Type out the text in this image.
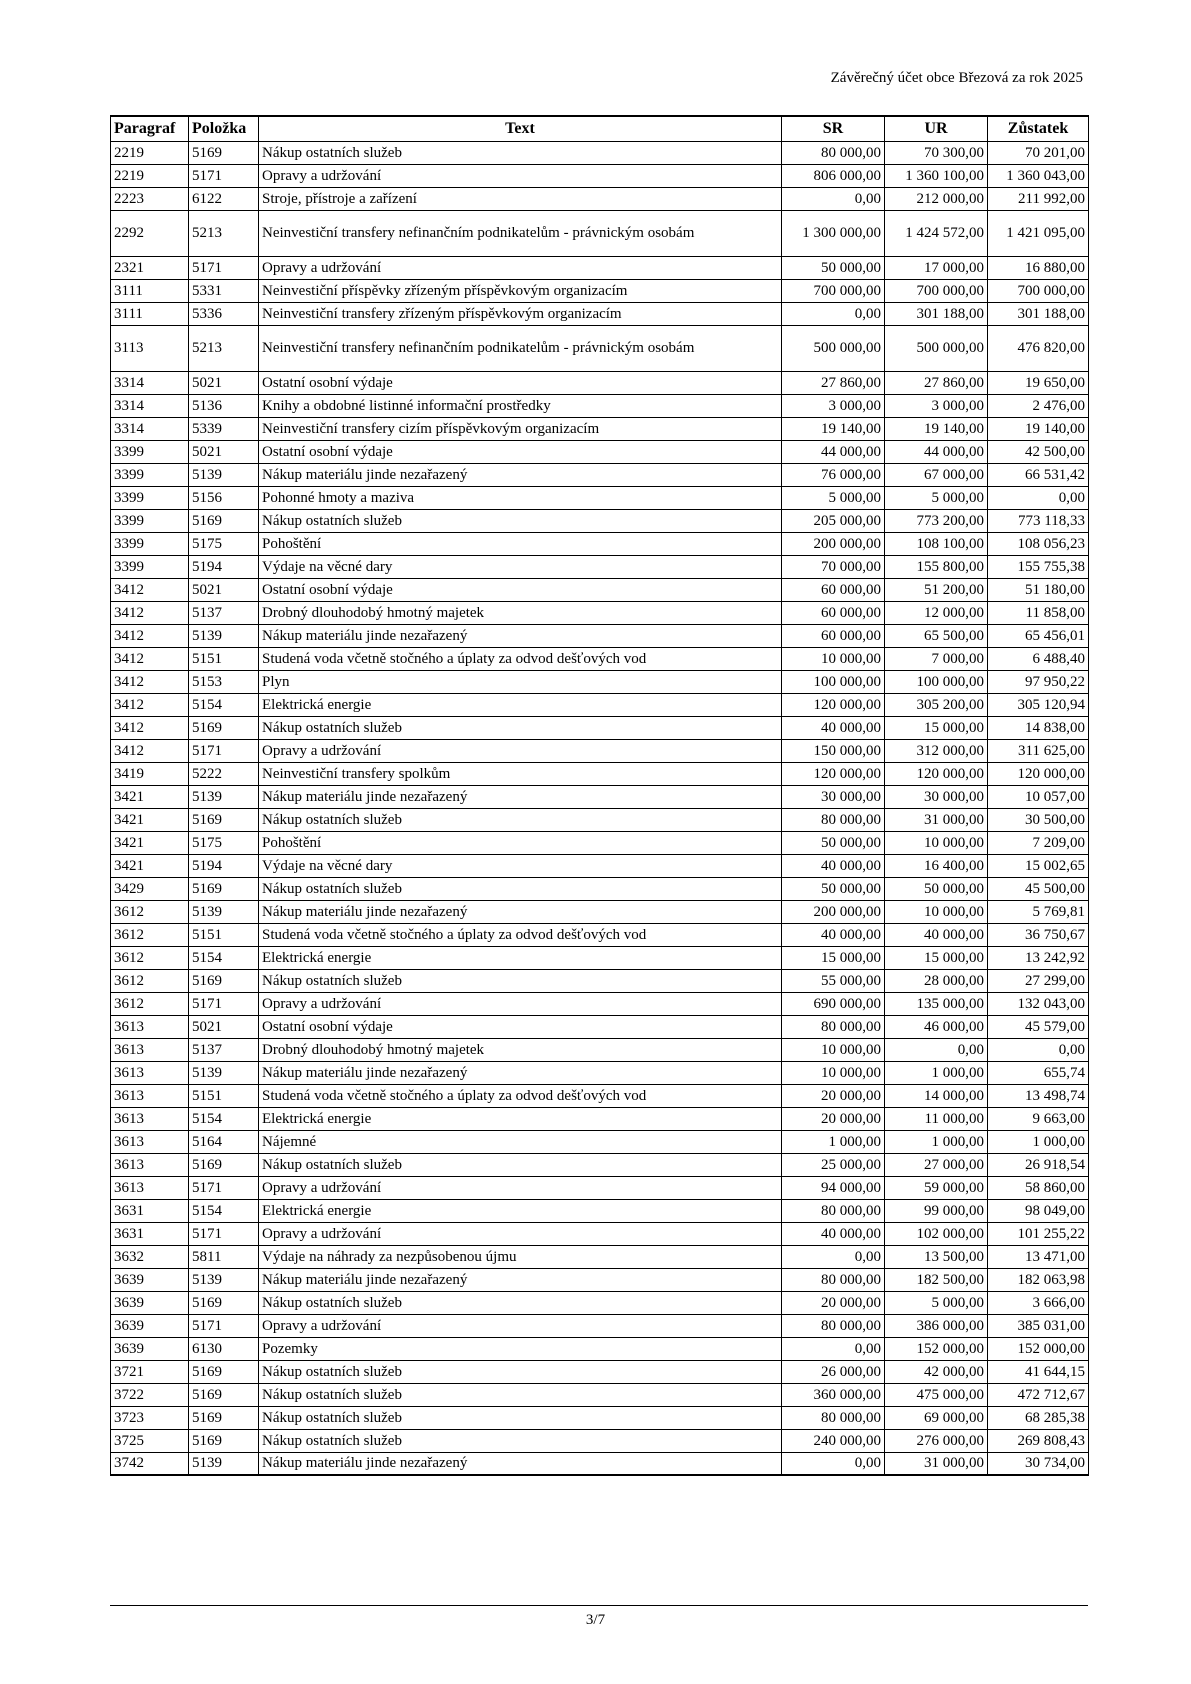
Závěrečný účet obce Březová za rok 2025
Paragraf	Položka	Text	SR	UR	Zůstatek
2219	5169	Nákup ostatních služeb	80 000,00	70 300,00	70 201,00
2219	5171	Opravy a udržování	806 000,00	1 360 100,00	1 360 043,00
2223	6122	Stroje, přístroje a zařízení	0,00	212 000,00	211 992,00
2292	5213	Neinvestiční transfery nefinančním podnikatelům - právnickým osobám	1 300 000,00	1 424 572,00	1 421 095,00
2321	5171	Opravy a udržování	50 000,00	17 000,00	16 880,00
3111	5331	Neinvestiční příspěvky zřízeným příspěvkovým organizacím	700 000,00	700 000,00	700 000,00
3111	5336	Neinvestiční transfery zřízeným příspěvkovým organizacím	0,00	301 188,00	301 188,00
3113	5213	Neinvestiční transfery nefinančním podnikatelům - právnickým osobám	500 000,00	500 000,00	476 820,00
3314	5021	Ostatní osobní výdaje	27 860,00	27 860,00	19 650,00
3314	5136	Knihy a obdobné listinné informační prostředky	3 000,00	3 000,00	2 476,00
3314	5339	Neinvestiční transfery cizím příspěvkovým organizacím	19 140,00	19 140,00	19 140,00
3399	5021	Ostatní osobní výdaje	44 000,00	44 000,00	42 500,00
3399	5139	Nákup materiálu jinde nezařazený	76 000,00	67 000,00	66 531,42
3399	5156	Pohonné hmoty a maziva	5 000,00	5 000,00	0,00
3399	5169	Nákup ostatních služeb	205 000,00	773 200,00	773 118,33
3399	5175	Pohoštění	200 000,00	108 100,00	108 056,23
3399	5194	Výdaje na věcné dary	70 000,00	155 800,00	155 755,38
3412	5021	Ostatní osobní výdaje	60 000,00	51 200,00	51 180,00
3412	5137	Drobný dlouhodobý hmotný majetek	60 000,00	12 000,00	11 858,00
3412	5139	Nákup materiálu jinde nezařazený	60 000,00	65 500,00	65 456,01
3412	5151	Studená voda včetně stočného a úplaty za odvod dešťových vod	10 000,00	7 000,00	6 488,40
3412	5153	Plyn	100 000,00	100 000,00	97 950,22
3412	5154	Elektrická energie	120 000,00	305 200,00	305 120,94
3412	5169	Nákup ostatních služeb	40 000,00	15 000,00	14 838,00
3412	5171	Opravy a udržování	150 000,00	312 000,00	311 625,00
3419	5222	Neinvestiční transfery spolkům	120 000,00	120 000,00	120 000,00
3421	5139	Nákup materiálu jinde nezařazený	30 000,00	30 000,00	10 057,00
3421	5169	Nákup ostatních služeb	80 000,00	31 000,00	30 500,00
3421	5175	Pohoštění	50 000,00	10 000,00	7 209,00
3421	5194	Výdaje na věcné dary	40 000,00	16 400,00	15 002,65
3429	5169	Nákup ostatních služeb	50 000,00	50 000,00	45 500,00
3612	5139	Nákup materiálu jinde nezařazený	200 000,00	10 000,00	5 769,81
3612	5151	Studená voda včetně stočného a úplaty za odvod dešťových vod	40 000,00	40 000,00	36 750,67
3612	5154	Elektrická energie	15 000,00	15 000,00	13 242,92
3612	5169	Nákup ostatních služeb	55 000,00	28 000,00	27 299,00
3612	5171	Opravy a udržování	690 000,00	135 000,00	132 043,00
3613	5021	Ostatní osobní výdaje	80 000,00	46 000,00	45 579,00
3613	5137	Drobný dlouhodobý hmotný majetek	10 000,00	0,00	0,00
3613	5139	Nákup materiálu jinde nezařazený	10 000,00	1 000,00	655,74
3613	5151	Studená voda včetně stočného a úplaty za odvod dešťových vod	20 000,00	14 000,00	13 498,74
3613	5154	Elektrická energie	20 000,00	11 000,00	9 663,00
3613	5164	Nájemné	1 000,00	1 000,00	1 000,00
3613	5169	Nákup ostatních služeb	25 000,00	27 000,00	26 918,54
3613	5171	Opravy a udržování	94 000,00	59 000,00	58 860,00
3631	5154	Elektrická energie	80 000,00	99 000,00	98 049,00
3631	5171	Opravy a udržování	40 000,00	102 000,00	101 255,22
3632	5811	Výdaje na náhrady za nezpůsobenou újmu	0,00	13 500,00	13 471,00
3639	5139	Nákup materiálu jinde nezařazený	80 000,00	182 500,00	182 063,98
3639	5169	Nákup ostatních služeb	20 000,00	5 000,00	3 666,00
3639	5171	Opravy a udržování	80 000,00	386 000,00	385 031,00
3639	6130	Pozemky	0,00	152 000,00	152 000,00
3721	5169	Nákup ostatních služeb	26 000,00	42 000,00	41 644,15
3722	5169	Nákup ostatních služeb	360 000,00	475 000,00	472 712,67
3723	5169	Nákup ostatních služeb	80 000,00	69 000,00	68 285,38
3725	5169	Nákup ostatních služeb	240 000,00	276 000,00	269 808,43
3742	5139	Nákup materiálu jinde nezařazený	0,00	31 000,00	30 734,00
3/7
